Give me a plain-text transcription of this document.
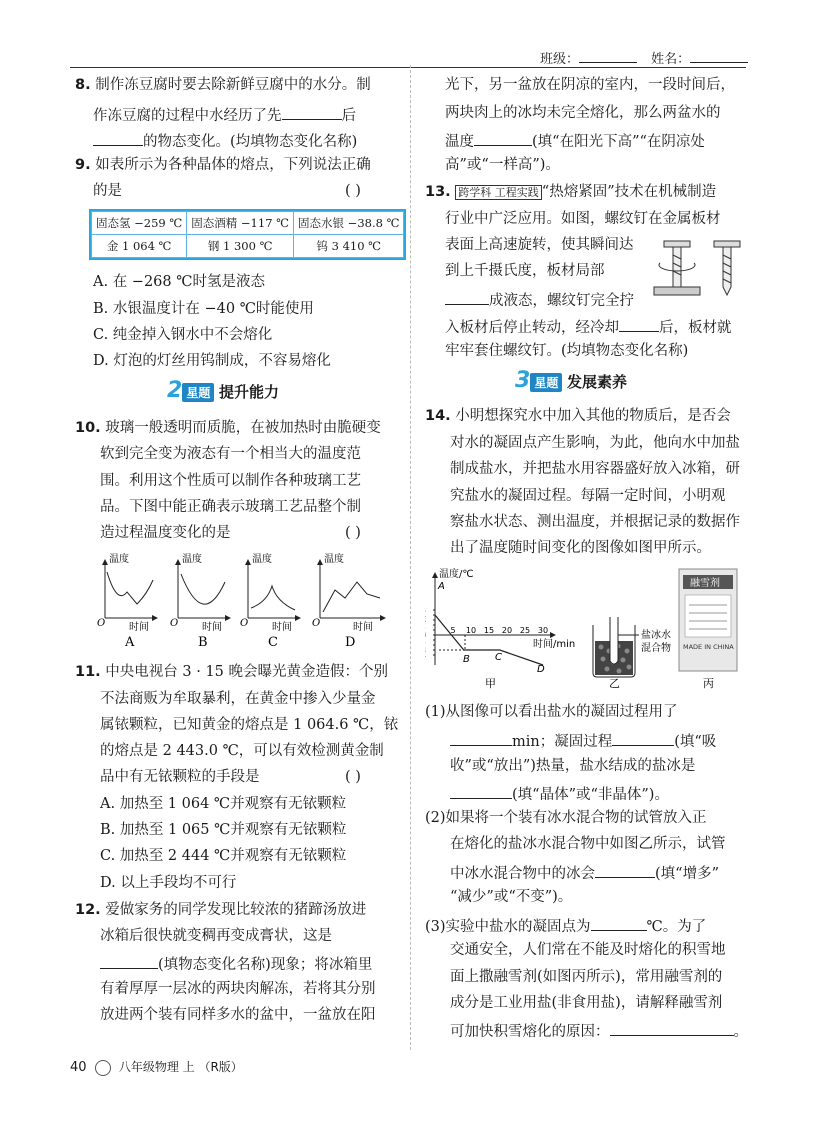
班级：	姓名：
8. 制作冻豆腐时要去除新鲜豆腐中的水分。制
作冻豆腐的过程中水经历了先	后
的物态变化。(均填物态变化名称)
9. 如表所示为各种晶体的熔点，下列说法正确
的是	( )
固态氢 −259 ℃	固态酒精 −117 ℃	固态水银 −38.8 ℃
金 1 064 ℃	钢 1 300 ℃	钨 3 410 ℃
A. 在 −268 ℃时氢是液态
B. 水银温度计在 −40 ℃时能使用
C. 纯金掉入钢水中不会熔化
D. 灯泡的灯丝用钨制成，不容易熔化
2 星题 提升能力
10. 玻璃一般透明而质脆，在被加热时由脆硬变
软到完全变为液态有一个相当大的温度范
围。利用这个性质可以制作各种玻璃工艺
品。下图中能正确表示玻璃工艺品整个制
造过程温度变化的是	( )
温度
O 时间
A
温度
O 时间
B
温度
O 时间
C
温度
O	时间
D
11. 中央电视台 3 · 15 晚会曝光黄金造假：个别
不法商贩为牟取暴利，在黄金中掺入少量金
属铱颗粒，已知黄金的熔点是 1 064.6 ℃，铱
的熔点是 2 443.0 ℃，可以有效检测黄金制
品中有无铱颗粒的手段是	( )
A. 加热至 1 064 ℃并观察有无铱颗粒
B. 加热至 1 065 ℃并观察有无铱颗粒
C. 加热至 2 444 ℃并观察有无铱颗粒
D. 以上手段均不可行
12. 爱做家务的同学发现比较浓的猪蹄汤放进
冰箱后很快就变稠再变成膏状，这是
(填物态变化名称)现象；将冰箱里
有着厚厚一层冰的两块肉解冻，若将其分别
放进两个装有同样多水的盆中，一盆放在阳
光下，另一盆放在阴凉的室内，一段时间后，
两块肉上的冰均未完全熔化，那么两盆水的
温度	(填“在阳光下高”“在阴凉处
高”或“一样高”)。
13. 跨学科 工程实践 “热熔紧固”技术在机械制造
行业中广泛应用。如图，螺纹钉在金属板材
表面上高速旋转，使其瞬间达
到上千摄氏度，板材局部
成液态，螺纹钉完全拧
入板材后停止转动，经冷却	后，板材就
牢牢套住螺纹钉。(均填物态变化名称)
3 星题 发展素养
14. 小明想探究水中加入其他的物质后，是否会
对水的凝固点产生影响，为此，他向水中加盐
制成盐水，并把盐水用容器盛好放入冰箱，研
究盐水的凝固过程。每隔一定时间，小明观
察盐水状态、测出温度，并根据记录的数据作
出了温度随时间变化的图像如图甲所示。
温度/℃
时间/min
5 10 15 20 25 30
A
B	C
D
甲
盐冰水
混合物
乙
融雪剂
MADE IN CHINA
丙
(1)从图像可以看出盐水的凝固过程用了
min；凝固过程	(填“吸
收”或“放出”)热量，盐水结成的盐冰是
(填“晶体”或“非晶体”)。
(2)如果将一个装有冰水混合物的试管放入正
在熔化的盐冰水混合物中如图乙所示，试管
中冰水混合物中的冰会	(填“增多”
“减少”或“不变”)。
(3)实验中盐水的凝固点为	℃。为了
交通安全，人们常在不能及时熔化的积雪地
面上撒融雪剂(如图丙所示)，常用融雪剂的
成分是工业用盐(非食用盐)，请解释融雪剂
可加快积雪熔化的原因：	。
40	八年级物理 上 （R版）
